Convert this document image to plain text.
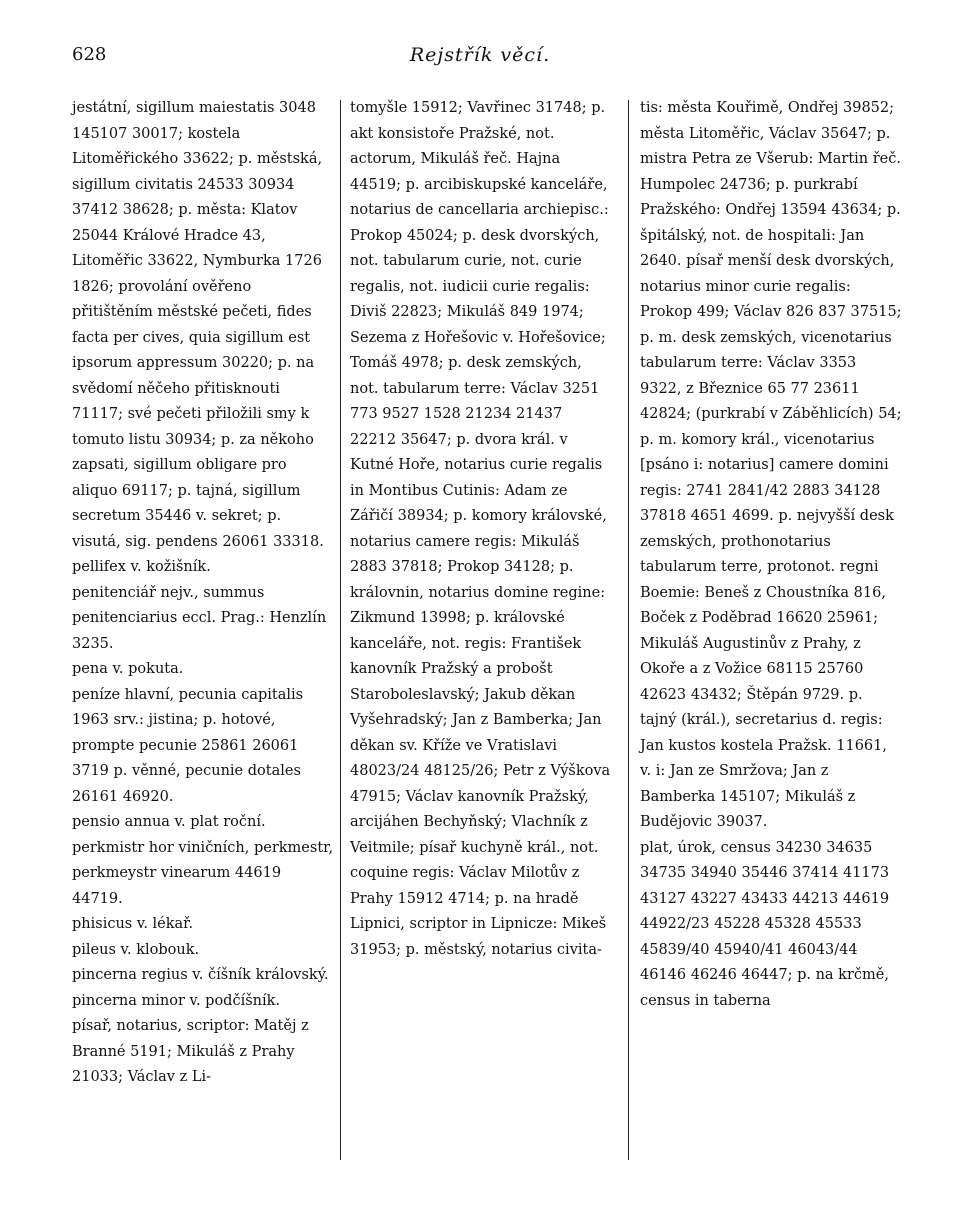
628	Rejstřík věcí.
jestátní, sigillum maiestatis 3048 145107 30017; kostela Litoměřického 33622; p. městská, sigillum civitatis 24533 30934 37412 38628; p. města: Klatov 25044 Králové Hradce 43, Litoměřic 33622, Nymburka 1726 1826; provolání ověřeno přitištěním městské pečeti, fides facta per cives, quia sigillum est ipsorum appressum 30220; p. na svědomí něčeho přitisknouti 71117; své pečeti přiložili smy k tomuto listu 30934; p. za někoho zapsati, sigillum obligare pro aliquo 69117; p. tajná, sigillum secretum 35446 v. sekret; p. visutá, sig. pendens 26061 33318.
pellifex v. kožišník.
penitenciář nejv., summus penitenciarius eccl. Prag.: Henzlín 3235.
pena v. pokuta.
peníze hlavní, pecunia capitalis 1963 srv.: jistina; p. hotové, prompte pecunie 25861 26061 3719 p. věnné, pecunie dotales 26161 46920.
pensio annua v. plat roční.
perkmistr hor viničních, perkmestr, perkmeystr vinearum 44619 44719.
phisicus v. lékař.
pileus v. klobouk.
pincerna regius v. číšník královský.
pincerna minor v. podčíšník.
písař, notarius, scriptor: Matěj z Branné 5191; Mikuláš z Prahy 21033; Václav z Li-
tomyšle 15912; Vavřinec 31748; p. akt konsistoře Pražské, not. actorum, Mikuláš řeč. Hajna 44519; p. arcibiskupské kanceláře, notarius de cancellaria archiepisc.: Prokop 45024; p. desk dvorských, not. tabularum curie, not. curie regalis, not. iudicii curie regalis: Diviš 22823; Mikuláš 849 1974; Sezema z Hořešovic v. Hořešovice; Tomáš 4978; p. desk zemských, not. tabularum terre: Václav 3251 773 9527 1528 21234 21437 22212 35647; p. dvora král. v Kutné Hoře, notarius curie regalis in Montibus Cutinis: Adam ze Zářičí 38934; p. komory královské, notarius camere regis: Mikuláš 2883 37818; Prokop 34128; p. královnin, notarius domine regine: Zikmund 13998; p. královské kanceláře, not. regis: František kanovník Pražský a probošt Staroboleslavský; Jakub děkan Vyšehradský; Jan z Bamberka; Jan děkan sv. Kříže ve Vratislavi 48023/24 48125/26; Petr z Výškova 47915; Václav kanovník Pražský, arcijáhen Bechyňský; Vlachník z Veitmile; písař kuchyně král., not. coquine regis: Václav Milotův z Prahy 15912 4714; p. na hradě Lipnici, scriptor in Lipnicze: Mikeš 31953; p. městský, notarius civita-
tis: města Kouřimě, Ondřej 39852; města Litoměřic, Václav 35647; p. mistra Petra ze Všerub: Martin řeč. Humpolec 24736; p. purkrabí Pražského: Ondřej 13594 43634; p. špitálský, not. de hospitali: Jan 2640. písař menší desk dvorských, notarius minor curie regalis: Prokop 499; Václav 826 837 37515; p. m. desk zemských, vicenotarius tabularum terre: Václav 3353 9322, z Březnice 65 77 23611 42824; (purkrabí v Záběhlicích) 54; p. m. komory král., vicenotarius [psáno i: notarius] camere domini regis: 2741 2841/42 2883 34128 37818 4651 4699. p. nejvyšší desk zemských, prothonotarius tabularum terre, protonot. regni Boemie: Beneš z Choustníka 816, Boček z Poděbrad 16620 25961; Mikuláš Augustinův z Prahy, z Okoře a z Vožice 68115 25760 42623 43432; Štěpán 9729. p. tajný (král.), secretarius d. regis: Jan kustos kostela Pražsk. 11661, v. i: Jan ze Smržova; Jan z Bamberka 145107; Mikuláš z Budějovic 39037.
plat, úrok, census 34230 34635 34735 34940 35446 37414 41173 43127 43227 43433 44213 44619 44922/23 45228 45328 45533 45839/40 45940/41 46043/44 46146 46246 46447; p. na krčmě, census in taberna
